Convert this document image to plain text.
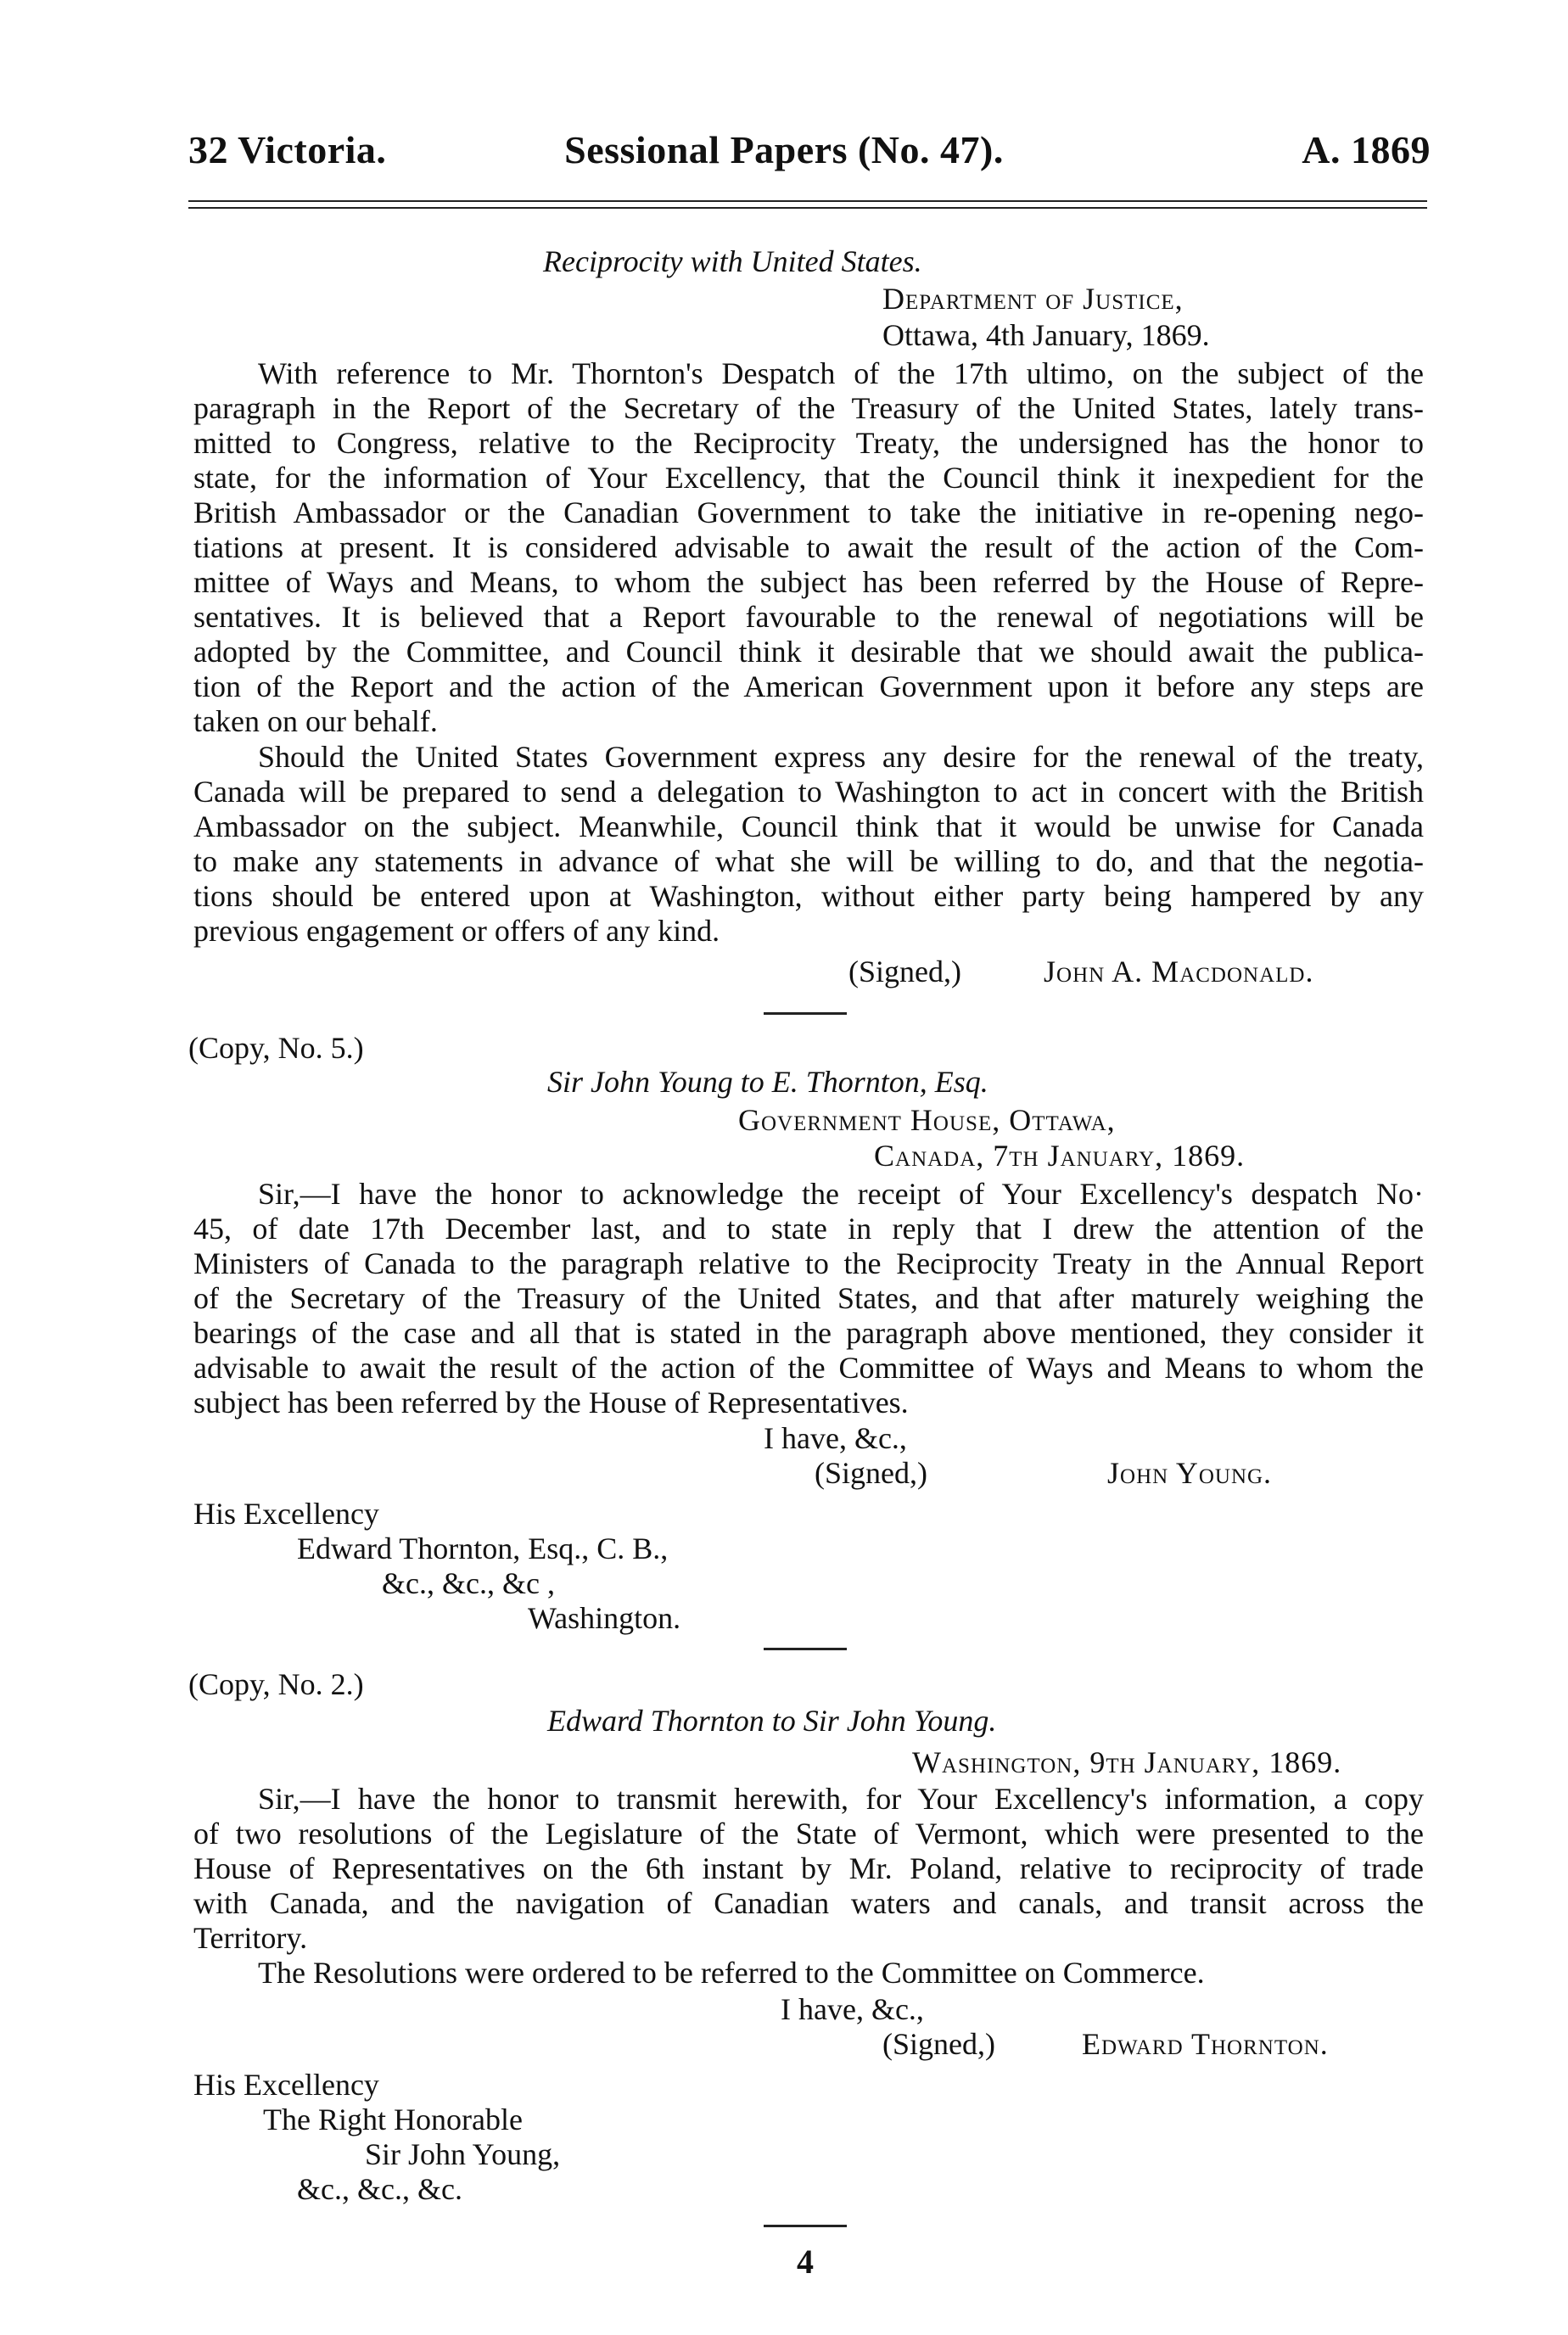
32 Victoria.	Sessional Papers (No. 47).	A. 1869
Reciprocity with United States.
Department of Justice,
Ottawa, 4th January, 1869.
With reference to Mr. Thornton's Despatch of the 17th ultimo, on the subject of the
paragraph in the Report of the Secretary of the Treasury of the United States, lately trans-
mitted to Congress, relative to the Reciprocity Treaty, the undersigned has the honor to
state, for the information of Your Excellency, that the Council think it inexpedient for the
British Ambassador or the Canadian Government to take the initiative in re-opening nego-
tiations at present. It is considered advisable to await the result of the action of the Com-
mittee of Ways and Means, to whom the subject has been referred by the House of Repre-
sentatives. It is believed that a Report favourable to the renewal of negotiations will be
adopted by the Committee, and Council think it desirable that we should await the publica-
tion of the Report and the action of the American Government upon it before any steps are
taken on our behalf.
Should the United States Government express any desire for the renewal of the treaty,
Canada will be prepared to send a delegation to Washington to act in concert with the British
Ambassador on the subject. Meanwhile, Council think that it would be unwise for Canada
to make any statements in advance of what she will be willing to do, and that the negotia-
tions should be entered upon at Washington, without either party being hampered by any
previous engagement or offers of any kind.
(Signed,)	John A. Macdonald.
(Copy, No. 5.)
Sir John Young to E. Thornton, Esq.
Government House, Ottawa,
Canada, 7th January, 1869.
Sir,—I have the honor to acknowledge the receipt of Your Excellency's despatch No·
45, of date 17th December last, and to state in reply that I drew the attention of the
Ministers of Canada to the paragraph relative to the Reciprocity Treaty in the Annual Report
of the Secretary of the Treasury of the United States, and that after maturely weighing the
bearings of the case and all that is stated in the paragraph above mentioned, they consider it
advisable to await the result of the action of the Committee of Ways and Means to whom the
subject has been referred by the House of Representatives.
I have, &c.,
(Signed,)	John Young.
His Excellency
Edward Thornton, Esq., C. B.,
&c., &c., &c ,
Washington.
(Copy, No. 2.)
Edward Thornton to Sir John Young.
Washington, 9th January, 1869.
Sir,—I have the honor to transmit herewith, for Your Excellency's information, a copy
of two resolutions of the Legislature of the State of Vermont, which were presented to the
House of Representatives on the 6th instant by Mr. Poland, relative to reciprocity of trade
with Canada, and the navigation of Canadian waters and canals, and transit across the
Territory.
The Resolutions were ordered to be referred to the Committee on Commerce.
I have, &c.,
(Signed,)	Edward Thornton.
His Excellency
The Right Honorable
Sir John Young,
&c., &c., &c.
4
